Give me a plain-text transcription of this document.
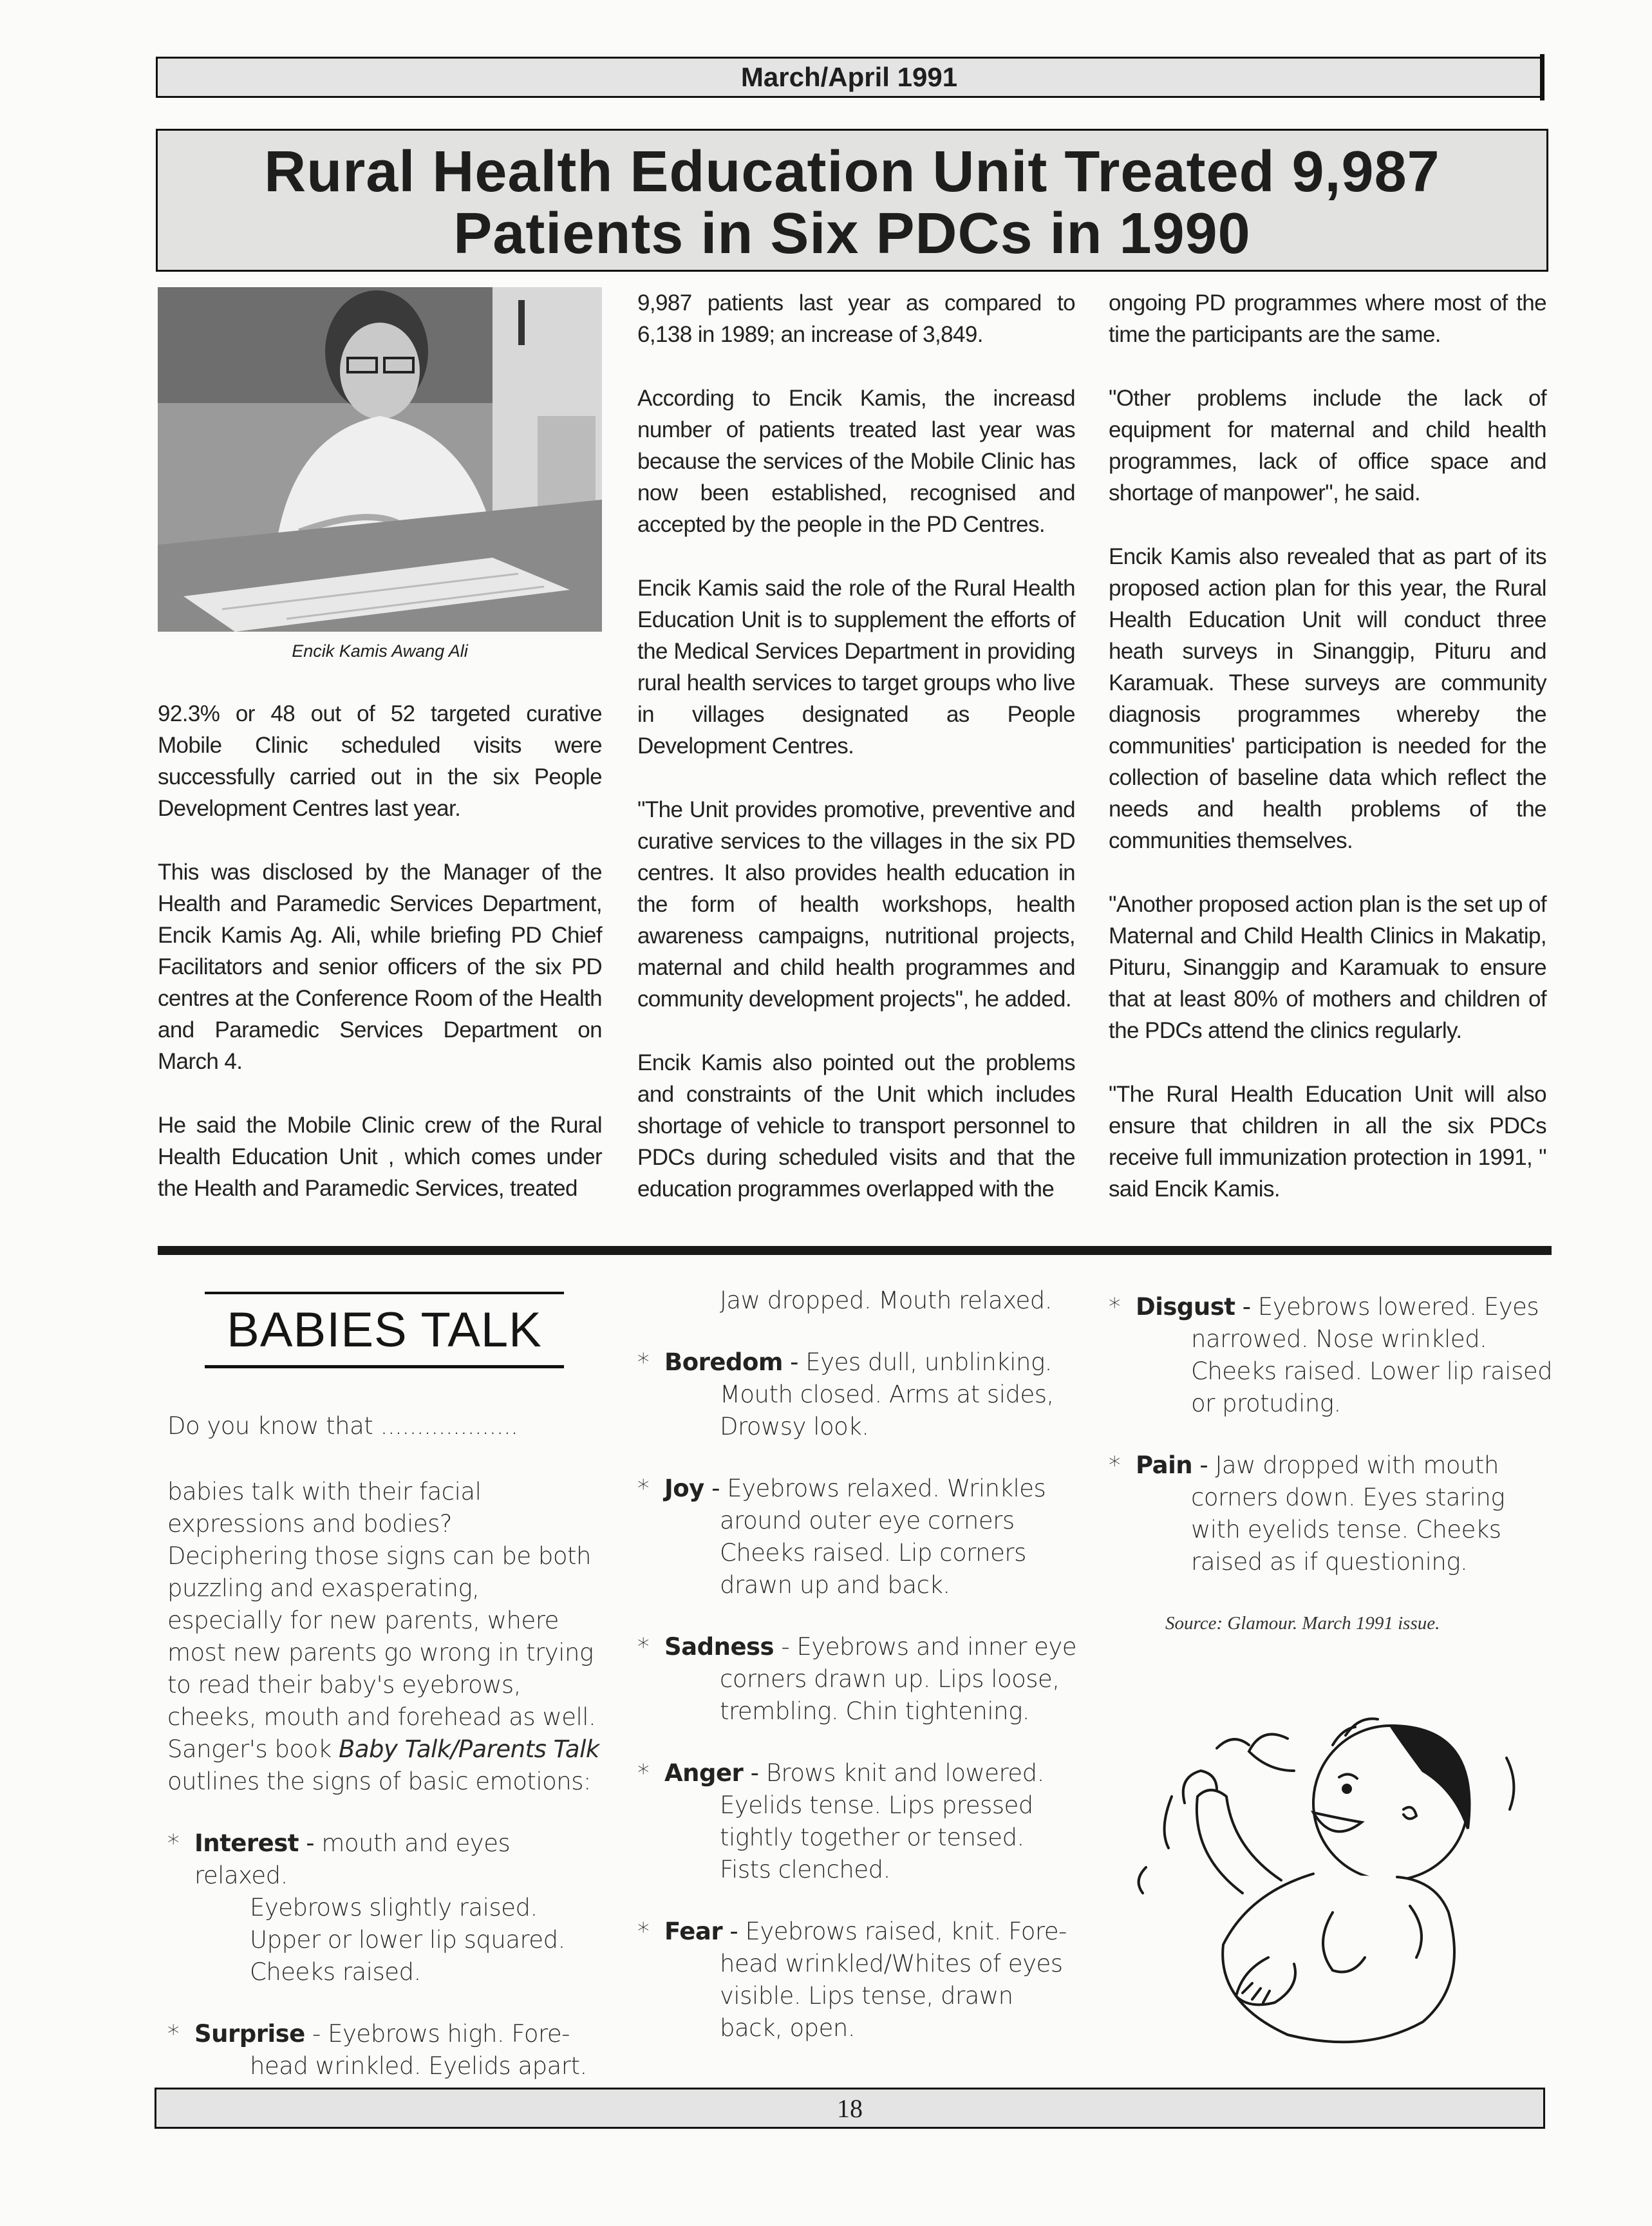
March/April 1991
Rural Health Education Unit Treated 9,987
Patients in Six PDCs in 1990
Encik Kamis Awang Ali

92.3% or 48 out of 52 targeted curative Mobile Clinic scheduled visits were successfully carried out in the six People Development Centres last year.

This was disclosed by the Manager of the Health and Paramedic Services Department, Encik Kamis Ag. Ali, while briefing PD Chief Facilitators and senior officers of the six PD centres at the Conference Room of the Health and Paramedic Services Department on March 4.

He said the Mobile Clinic crew of the Rural Health Education Unit , which comes under the Health and Paramedic Services, treated

9,987 patients last year as compared to 6,138 in 1989; an increase of 3,849.

According to Encik Kamis, the increasd number of patients treated last year was because the services of the Mobile Clinic has now been established, recognised and accepted by the people in the PD Centres.

Encik Kamis said the role of the Rural Health Education Unit is to supplement the efforts of the Medical Services Department in providing rural health services to target groups who live in villages designated as People Development Centres.

"The Unit provides promotive, preventive and curative services to the villages in the six PD centres. It also provides health education in the form of health workshops, health awareness campaigns, nutritional projects, maternal and child health programmes and community development projects", he added.

Encik Kamis also pointed out the problems and constraints of the Unit which includes shortage of vehicle to transport personnel to PDCs during scheduled visits and that the education programmes overlapped with the

ongoing PD programmes where most of the time the participants are the same.

"Other problems include the lack of equipment for maternal and child health programmes, lack of office space and shortage of manpower", he said.

Encik Kamis also revealed that as part of its proposed action plan for this year, the Rural Health Education Unit will conduct three heath surveys in Sinanggip, Pituru and Karamuak. These surveys are community diagnosis programmes whereby the communities' participation is needed for the collection of baseline data which reflect the needs and health problems of the communities themselves.

"Another proposed action plan is the set up of Maternal and Child Health Clinics in Makatip, Pituru, Sinanggip and Karamuak to ensure that at least 80% of mothers and children of the PDCs attend the clinics regularly.

"The Rural Health Education Unit will also ensure that children in all the six PDCs receive full immunization protection in 1991, " said Encik Kamis.

BABIES TALK

Do you know that ...................

babies talk with their facial expressions and bodies?

Deciphering those signs can be both puzzling and exasperating, especially for new parents, where most new parents go wrong in trying to read their baby's eyebrows, cheeks, mouth and forehead as well. Sanger's book Baby Talk/Parents Talk outlines the signs of basic emotions:

* Interest - mouth and eyes relaxed.
Eyebrows slightly raised. Upper or lower lip squared. Cheeks raised.
* Surprise - Eyebrows high. Fore-
head wrinkled. Eyelids apart.

Jaw dropped. Mouth relaxed.

* Boredom - Eyes dull, unblinking.
Mouth closed. Arms at sides, Drowsy look.
* Joy - Eyebrows relaxed. Wrinkles
around outer eye corners Cheeks raised. Lip corners drawn up and back.
* Sadness - Eyebrows and inner eye
corners drawn up. Lips loose, trembling. Chin tightening.
* Anger - Brows knit and lowered.
Eyelids tense. Lips pressed tightly together or tensed. Fists clenched.
* Fear - Eyebrows raised, knit. Fore-
head wrinkled/Whites of eyes visible. Lips tense, drawn back, open.
* Disgust - Eyebrows lowered. Eyes
narrowed. Nose wrinkled. Cheeks raised. Lower lip raised or protuding.
* Pain - Jaw dropped with mouth
corners down. Eyes staring with eyelids tense. Cheeks raised as if questioning.
Source: Glamour. March 1991 issue.
18
